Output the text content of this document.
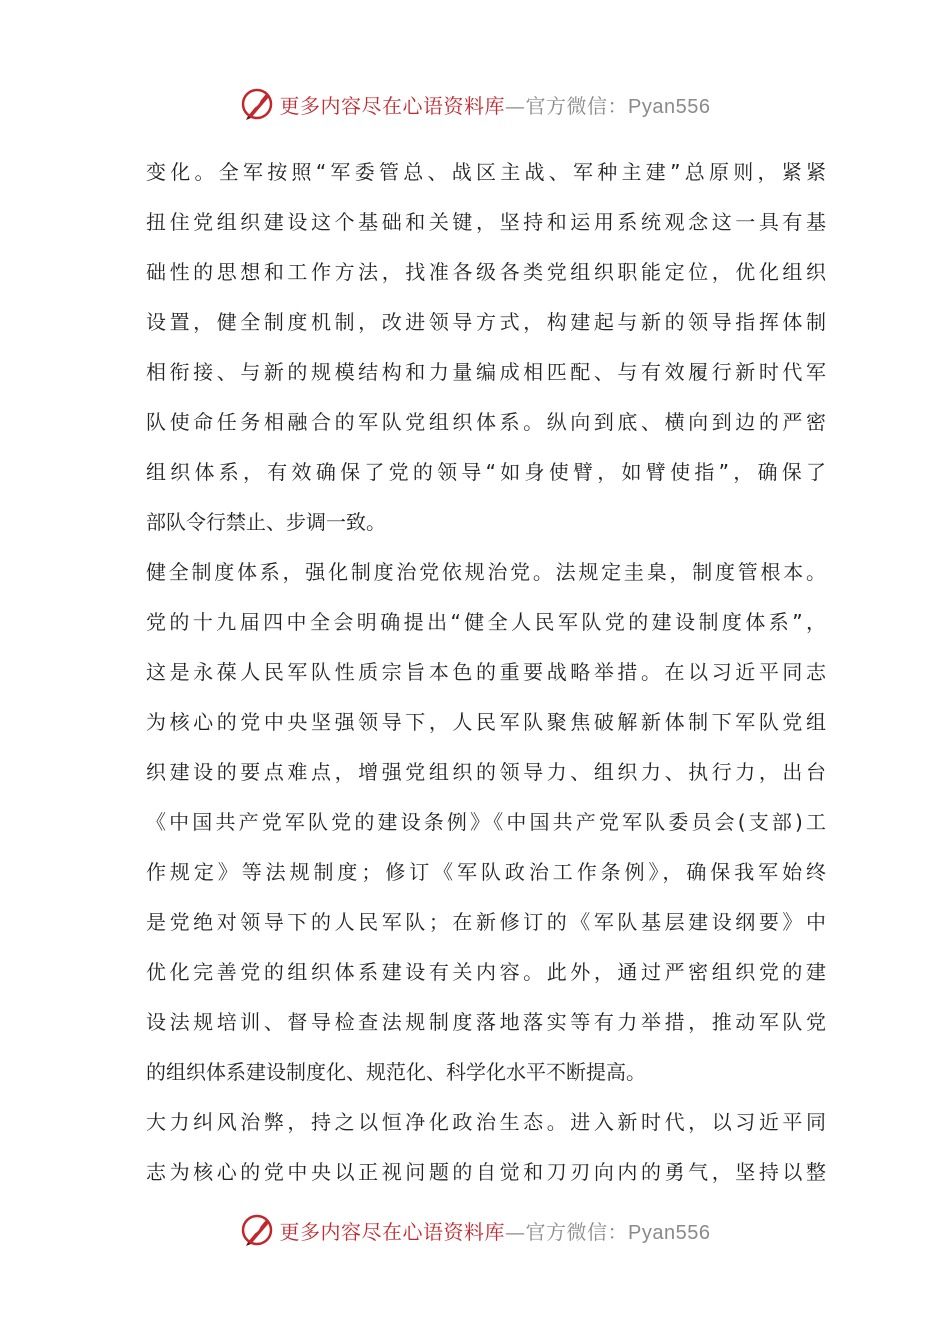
更多内容尽在心语资料库—官方微信：Pyan556
变化。全军按照“军委管总、战区主战、军种主建”总原则，紧紧
扭住党组织建设这个基础和关键，坚持和运用系统观念这一具有基
础性的思想和工作方法，找准各级各类党组织职能定位，优化组织
设置，健全制度机制，改进领导方式，构建起与新的领导指挥体制
相衔接、与新的规模结构和力量编成相匹配、与有效履行新时代军
队使命任务相融合的军队党组织体系。纵向到底、横向到边的严密
组织体系，有效确保了党的领导“如身使臂，如臂使指”，确保了
部队令行禁止、步调一致。
健全制度体系，强化制度治党依规治党。法规定圭臬，制度管根本。
党的十九届四中全会明确提出“健全人民军队党的建设制度体系”，
这是永葆人民军队性质宗旨本色的重要战略举措。在以习近平同志
为核心的党中央坚强领导下，人民军队聚焦破解新体制下军队党组
织建设的要点难点，增强党组织的领导力、组织力、执行力，出台
《中国共产党军队党的建设条例》《中国共产党军队委员会(支部)工
作规定》等法规制度；修订《军队政治工作条例》，确保我军始终
是党绝对领导下的人民军队；在新修订的《军队基层建设纲要》中
优化完善党的组织体系建设有关内容。此外，通过严密组织党的建
设法规培训、督导检查法规制度落地落实等有力举措，推动军队党
的组织体系建设制度化、规范化、科学化水平不断提高。
大力纠风治弊，持之以恒净化政治生态。进入新时代，以习近平同
志为核心的党中央以正视问题的自觉和刀刃向内的勇气，坚持以整
更多内容尽在心语资料库—官方微信：Pyan556
